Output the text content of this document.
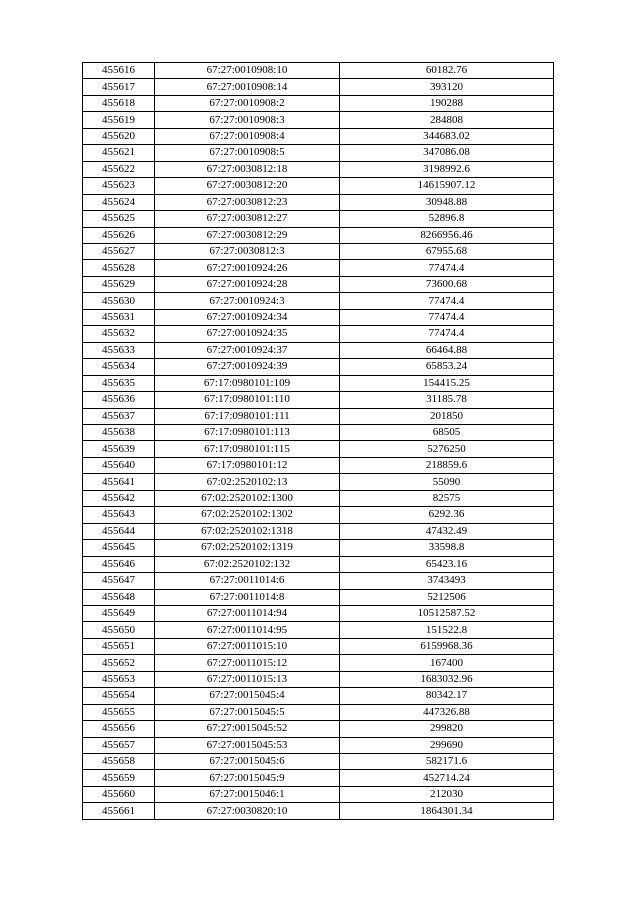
455616	67:27:0010908:10	60182.76
455617	67:27:0010908:14	393120
455618	67:27:0010908:2	190288
455619	67:27:0010908:3	284808
455620	67:27:0010908:4	344683.02
455621	67:27:0010908:5	347086.08
455622	67:27:0030812:18	3198992.6
455623	67:27:0030812:20	14615907.12
455624	67:27:0030812:23	30948.88
455625	67:27:0030812:27	52896.8
455626	67:27:0030812:29	8266956.46
455627	67:27:0030812:3	67955.68
455628	67:27:0010924:26	77474.4
455629	67:27:0010924:28	73600.68
455630	67:27:0010924:3	77474.4
455631	67:27:0010924:34	77474.4
455632	67:27:0010924:35	77474.4
455633	67:27:0010924:37	66464.88
455634	67:27:0010924:39	65853.24
455635	67:17:0980101:109	154415.25
455636	67:17:0980101:110	31185.78
455637	67:17:0980101:111	201850
455638	67:17:0980101:113	68505
455639	67:17:0980101:115	5276250
455640	67:17:0980101:12	218859.6
455641	67:02:2520102:13	55090
455642	67:02:2520102:1300	82575
455643	67:02:2520102:1302	6292.36
455644	67:02:2520102:1318	47432.49
455645	67:02:2520102:1319	33598.8
455646	67:02:2520102:132	65423.16
455647	67:27:0011014:6	3743493
455648	67:27:0011014:8	5212506
455649	67:27:0011014:94	10512587.52
455650	67:27:0011014:95	151522.8
455651	67:27:0011015:10	6159968.36
455652	67:27:0011015:12	167400
455653	67:27:0011015:13	1683032.96
455654	67:27:0015045:4	80342.17
455655	67:27:0015045:5	447326.88
455656	67:27:0015045:52	299820
455657	67:27:0015045:53	299690
455658	67:27:0015045:6	582171.6
455659	67:27:0015045:9	452714.24
455660	67:27:0015046:1	212030
455661	67:27:0030820:10	1864301.34
